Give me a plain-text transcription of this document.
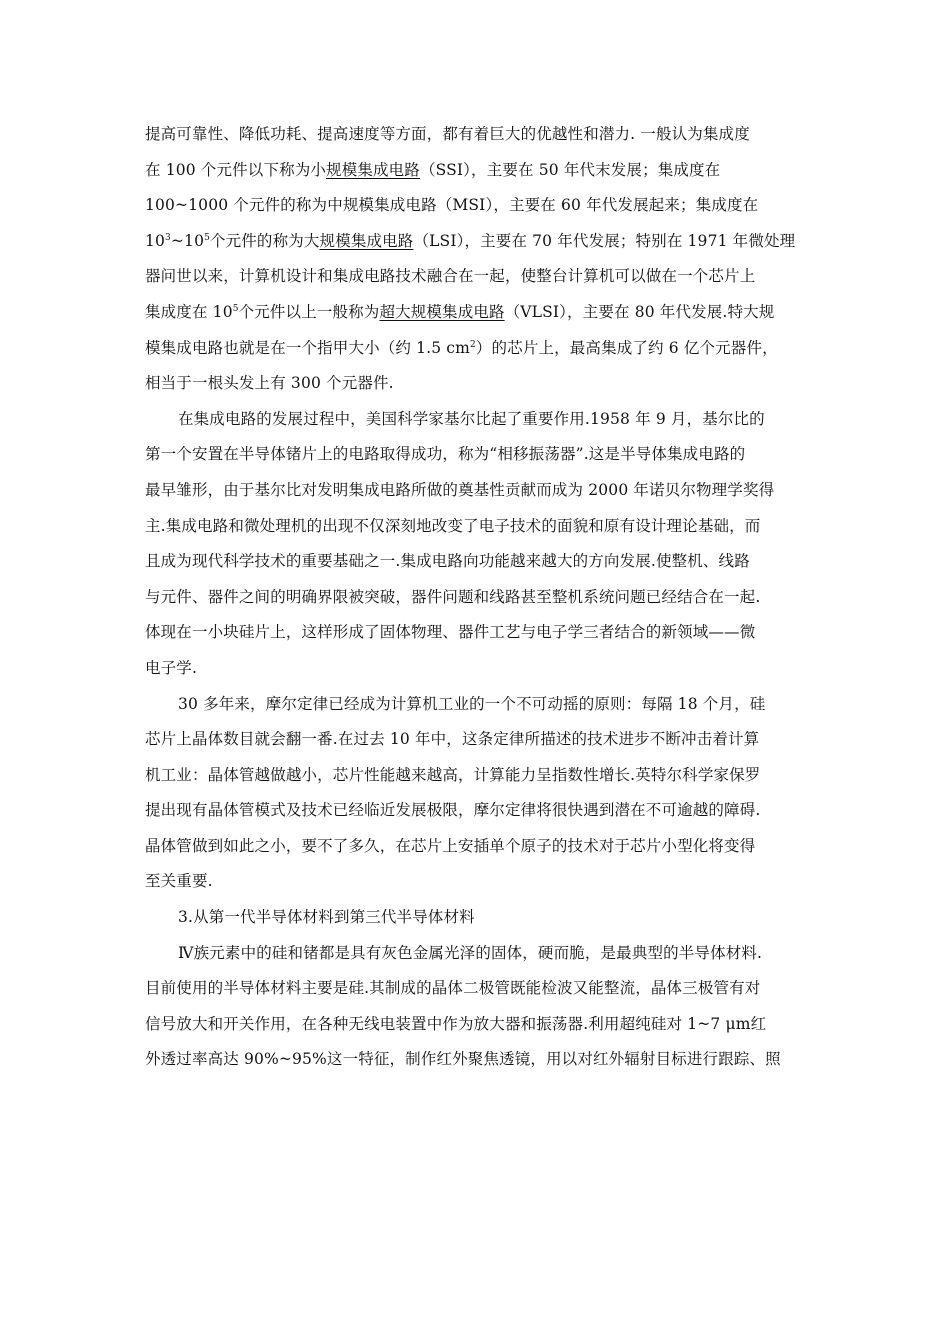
提高可靠性、降低功耗、提高速度等方面，都有着巨大的优越性和潜力. 一般认为集成度
在 100 个元件以下称为小规模集成电路（SSI），主要在 50 年代末发展；集成度在
100~1000 个元件的称为中规模集成电路（MSI），主要在 60 年代发展起来；集成度在
$10^3\sim 10^5$个元件的称为大规模集成电路（LSI），主要在 70 年代发展；特别在 1971 年微处理
器问世以来，计算机设计和集成电路技术融合在一起，使整台计算机可以做在一个芯片上
集成度在 $10^5$个元件以上一般称为超大规模集成电路（VLSI），主要在 80 年代发展.特大规
模集成电路也就是在一个指甲大小（约 1.5 $cm^2$）的芯片上，最高集成了约 6 亿个元器件，
相当于一根头发上有 300 个元器件.
在集成电路的发展过程中，美国科学家基尔比起了重要作用.1958 年 9 月，基尔比的
第一个安置在半导体锗片上的电路取得成功，称为“相移振荡器”.这是半导体集成电路的
最早雏形，由于基尔比对发明集成电路所做的奠基性贡献而成为 2000 年诺贝尔物理学奖得
主.集成电路和微处理机的出现不仅深刻地改变了电子技术的面貌和原有设计理论基础，而
且成为现代科学技术的重要基础之一.集成电路向功能越来越大的方向发展.使整机、线路
与元件、器件之间的明确界限被突破，器件问题和线路甚至整机系统问题已经结合在一起.
体现在一小块硅片上，这样形成了固体物理、器件工艺与电子学三者结合的新领域——微
电子学.
30 多年来，摩尔定律已经成为计算机工业的一个不可动摇的原则：每隔 18 个月，硅
芯片上晶体数目就会翻一番.在过去 10 年中，这条定律所描述的技术进步不断冲击着计算
机工业：晶体管越做越小，芯片性能越来越高，计算能力呈指数性增长.英特尔科学家保罗
提出现有晶体管模式及技术已经临近发展极限，摩尔定律将很快遇到潜在不可逾越的障碍.
晶体管做到如此之小，要不了多久，在芯片上安插单个原子的技术对于芯片小型化将变得
至关重要.
3.从第一代半导体材料到第三代半导体材料
Ⅳ族元素中的硅和锗都是具有灰色金属光泽的固体，硬而脆，是最典型的半导体材料.
目前使用的半导体材料主要是硅.其制成的晶体二极管既能检波又能整流，晶体三极管有对
信号放大和开关作用，在各种无线电装置中作为放大器和振荡器.利用超纯硅对 1~7 μm红
外透过率高达 90%~95%这一特征，制作红外聚焦透镜，用以对红外辐射目标进行跟踪、照
